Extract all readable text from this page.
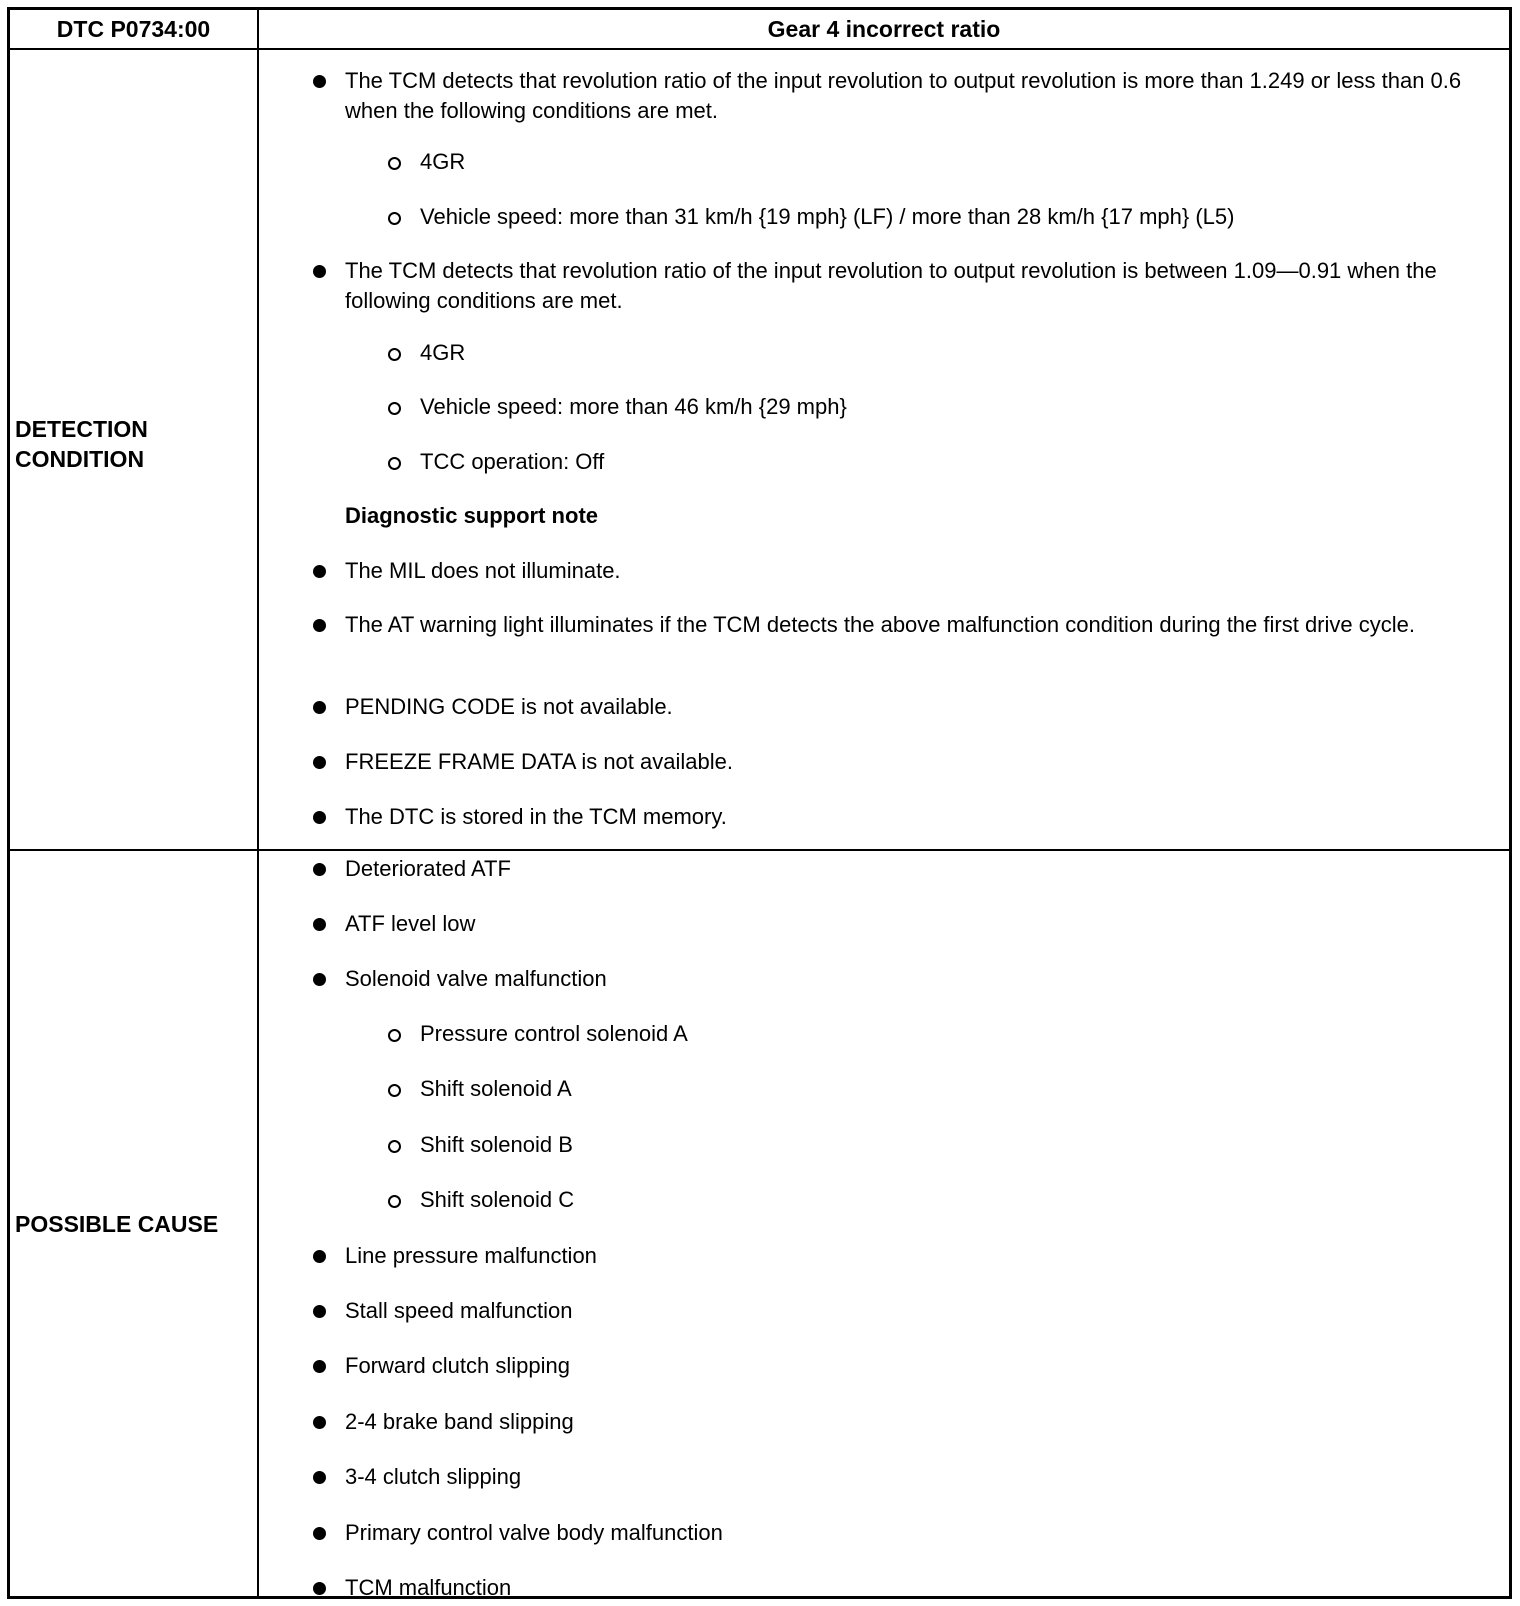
DTC P0734:00	Gear 4 incorrect ratio
DETECTION
CONDITION
The TCM detects that revolution ratio of the input revolution to output revolution is more than 1.249 or less than 0.6 when the following conditions are met.
4GR
Vehicle speed: more than 31 km/h {19 mph} (LF) / more than 28 km/h {17 mph} (L5)
The TCM detects that revolution ratio of the input revolution to output revolution is between 1.09—0.91 when the following conditions are met.
4GR
Vehicle speed: more than 46 km/h {29 mph}
TCC operation: Off
Diagnostic support note
The MIL does not illuminate.
The AT warning light illuminates if the TCM detects the above malfunction condition during the first drive cycle.
PENDING CODE is not available.
FREEZE FRAME DATA is not available.
The DTC is stored in the TCM memory.
POSSIBLE CAUSE
Deteriorated ATF
ATF level low
Solenoid valve malfunction
Pressure control solenoid A
Shift solenoid A
Shift solenoid B
Shift solenoid C
Line pressure malfunction
Stall speed malfunction
Forward clutch slipping
2-4 brake band slipping
3-4 clutch slipping
Primary control valve body malfunction
TCM malfunction
